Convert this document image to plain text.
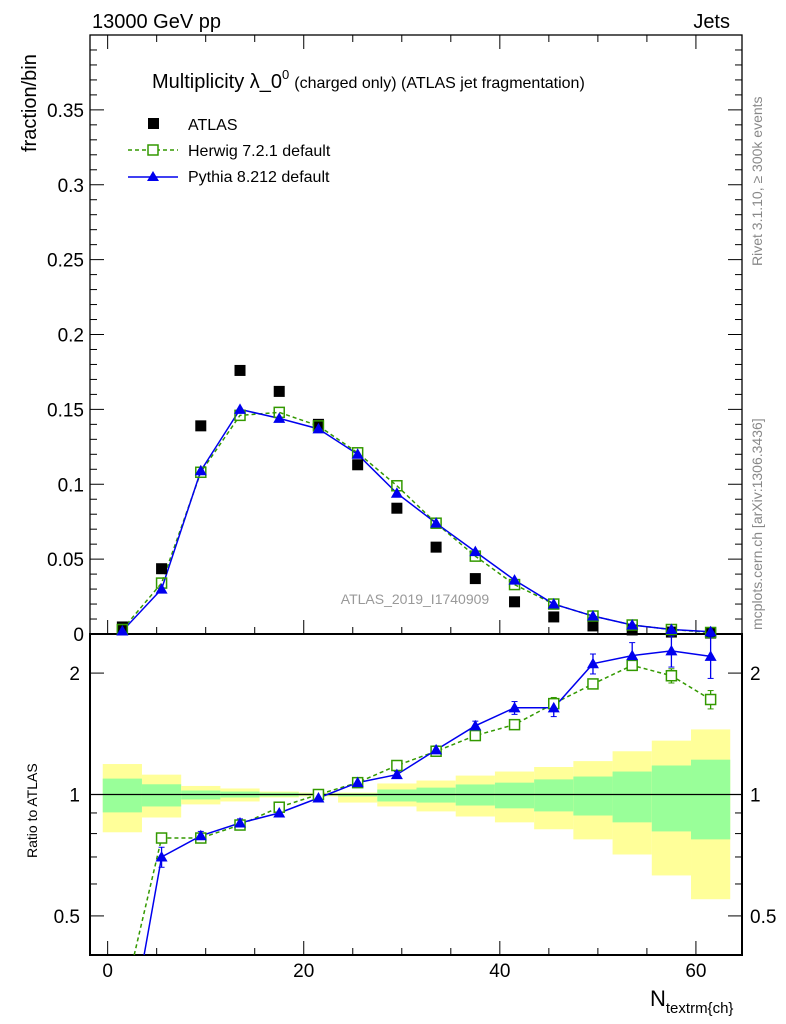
0
0.05
0.1
0.15
0.2
0.25
0.3
0.35
0	20	40	60
0.5	0.5
1	1
2	2
13000 GeV pp	Jets
Multiplicity $\lambda\_0^0_{(charged only) (ATLAS jet fragmentation)}$
ATLAS
Herwig 7.2.1 default
Pythia 8.212 default
ATLAS_2019_I1740909
fraction/bin
Ratio to ATLAS
$N_{textrm\{ch\}}$
Rivet 3.1.10, ≥ 300k events
mcplots.cern.ch [arXiv:1306.3436]
